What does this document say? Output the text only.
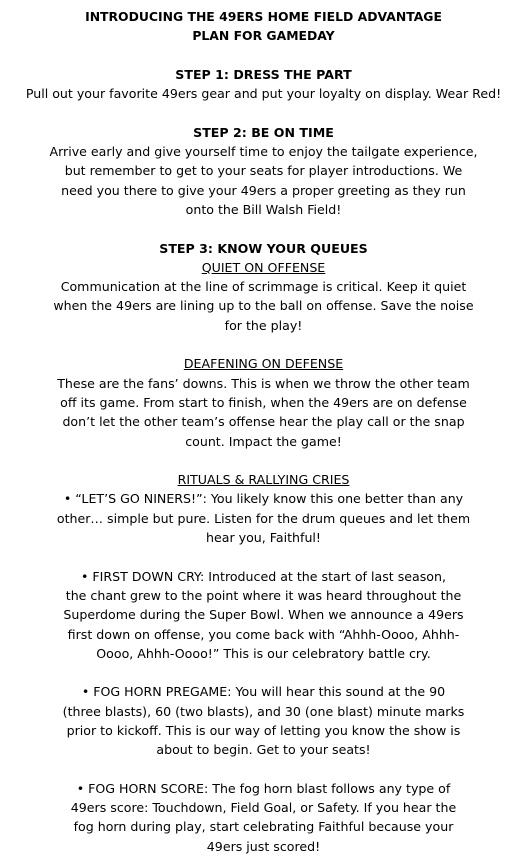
INTRODUCING THE 49ERS HOME FIELD ADVANTAGE
PLAN FOR GAMEDAY
STEP 1: DRESS THE PART
Pull out your favorite 49ers gear and put your loyalty on display. Wear Red!
STEP 2: BE ON TIME
Arrive early and give yourself time to enjoy the tailgate experience,
but remember to get to your seats for player introductions. We
need you there to give your 49ers a proper greeting as they run
onto the Bill Walsh Field!
STEP 3: KNOW YOUR QUEUES
QUIET ON OFFENSE
Communication at the line of scrimmage is critical. Keep it quiet
when the 49ers are lining up to the ball on offense. Save the noise
for the play!
DEAFENING ON DEFENSE
These are the fans’ downs. This is when we throw the other team
off its game. From start to finish, when the 49ers are on defense
don’t let the other team’s offense hear the play call or the snap
count. Impact the game!
RITUALS & RALLYING CRIES
• “LET’S GO NINERS!”: You likely know this one better than any
other… simple but pure. Listen for the drum queues and let them
hear you, Faithful!
• FIRST DOWN CRY: Introduced at the start of last season,
the chant grew to the point where it was heard throughout the
Superdome during the Super Bowl. When we announce a 49ers
first down on offense, you come back with “Ahhh-Oooo, Ahhh-
Oooo, Ahhh-Oooo!” This is our celebratory battle cry.
• FOG HORN PREGAME: You will hear this sound at the 90
(three blasts), 60 (two blasts), and 30 (one blast) minute marks
prior to kickoff. This is our way of letting you know the show is
about to begin. Get to your seats!
• FOG HORN SCORE: The fog horn blast follows any type of
49ers score: Touchdown, Field Goal, or Safety. If you hear the
fog horn during play, start celebrating Faithful because your
49ers just scored!
